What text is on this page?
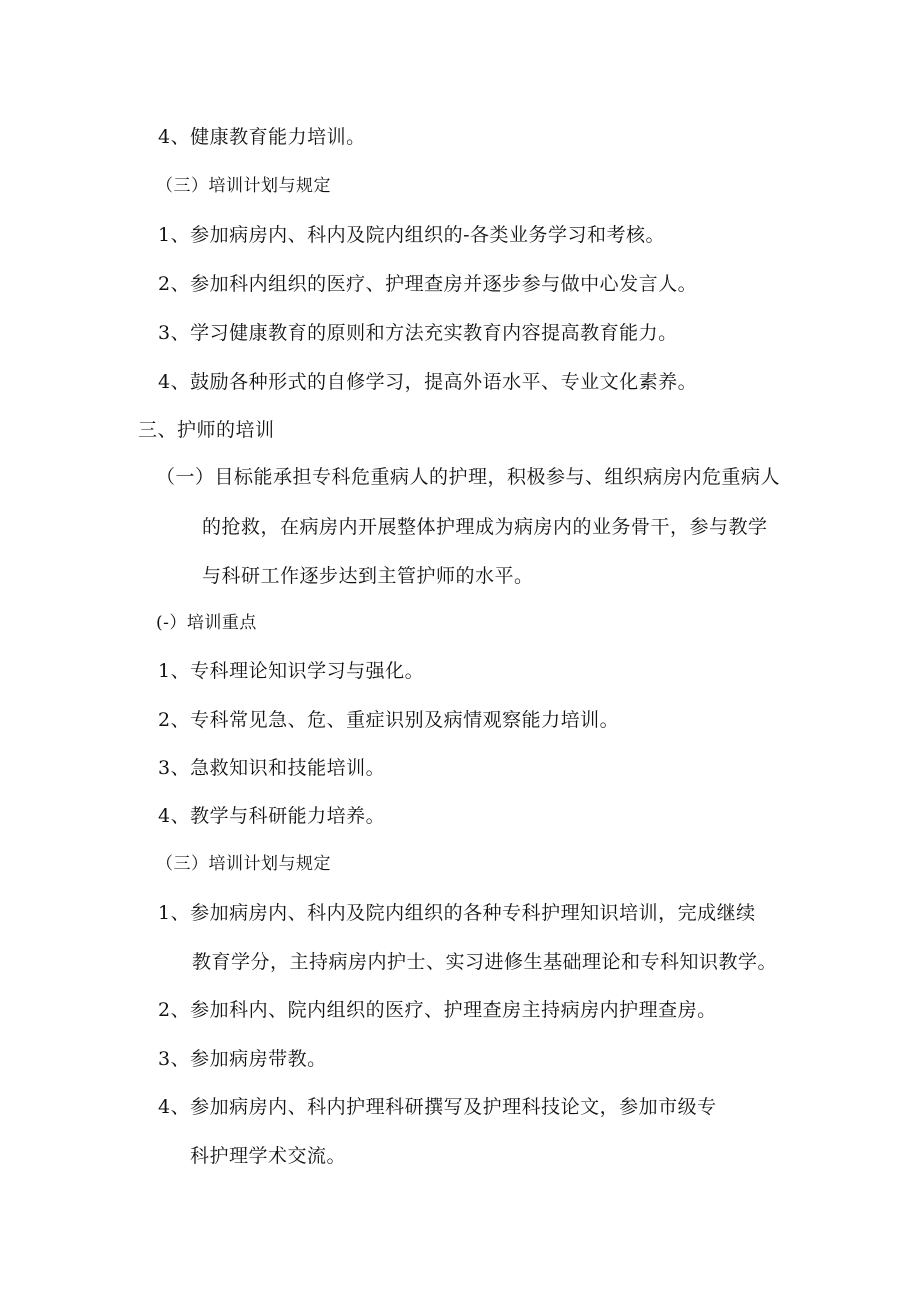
4、健康教育能力培训。
（三）培训计划与规定
1、参加病房内、科内及院内组织的-各类业务学习和考核。
2、参加科内组织的医疗、护理查房并逐步参与做中心发言人。
3、学习健康教育的原则和方法充实教育内容提高教育能力。
4、鼓励各种形式的自修学习，提高外语水平、专业文化素养。
三、护师的培训
（一）目标能承担专科危重病人的护理，积极参与、组织病房内危重病人
的抢救，在病房内开展整体护理成为病房内的业务骨干，参与教学
与科研工作逐步达到主管护师的水平。
(-）培训重点
1、专科理论知识学习与强化。
2、专科常见急、危、重症识别及病情观察能力培训。
3、急救知识和技能培训。
4、教学与科研能力培养。
（三）培训计划与规定
1、参加病房内、科内及院内组织的各种专科护理知识培训，完成继续
教育学分，主持病房内护士、实习进修生基础理论和专科知识教学。
2、参加科内、院内组织的医疗、护理查房主持病房内护理查房。
3、参加病房带教。
4、参加病房内、科内护理科研撰写及护理科技论文，参加市级专
科护理学术交流。
